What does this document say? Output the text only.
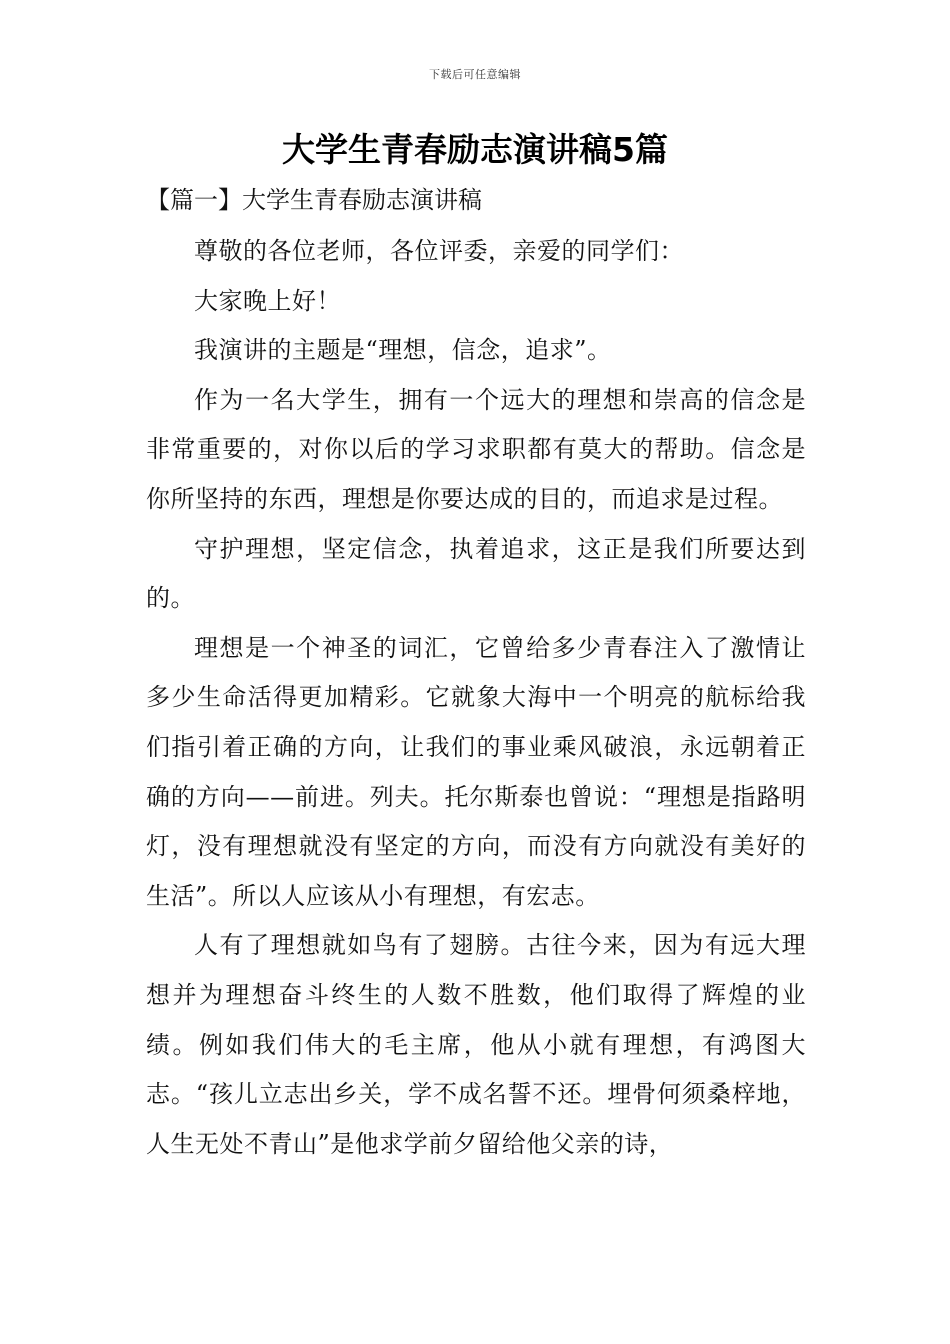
下载后可任意编辑
大学生青春励志演讲稿5篇
【篇一】大学生青春励志演讲稿

尊敬的各位老师，各位评委，亲爱的同学们：

大家晚上好！

我演讲的主题是“理想，信念，追求”。

作为一名大学生，拥有一个远大的理想和崇高的信念是非常重要的，对你以后的学习求职都有莫大的帮助。信念是你所坚持的东西，理想是你要达成的目的，而追求是过程。

守护理想，坚定信念，执着追求，这正是我们所要达到的。

理想是一个神圣的词汇，它曾给多少青春注入了激情让多少生命活得更加精彩。它就象大海中一个明亮的航标给我们指引着正确的方向，让我们的事业乘风破浪，永远朝着正确的方向——前进。列夫。托尔斯泰也曾说：“理想是指路明灯，没有理想就没有坚定的方向，而没有方向就没有美好的生活”。所以人应该从小有理想，有宏志。

人有了理想就如鸟有了翅膀。古往今来，因为有远大理想并为理想奋斗终生的人数不胜数，他们取得了辉煌的业绩。例如我们伟大的毛主席，他从小就有理想，有鸿图大志。“孩儿立志出乡关，学不成名誓不还。埋骨何须桑梓地，人生无处不青山”是他求学前夕留给他父亲的诗，
